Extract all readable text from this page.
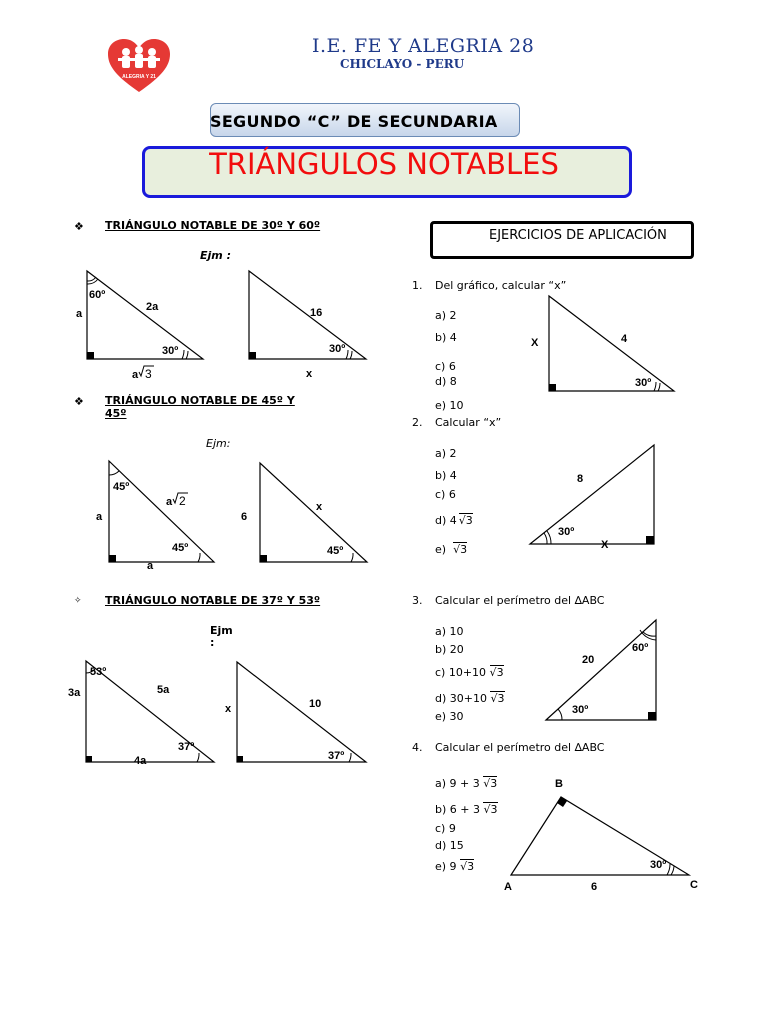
ALEGRIA Y 21
I.E. FE Y ALEGRIA 28
CHICLAYO - PERU
SEGUNDO “C” DE SECUNDARIA
TRIÁNGULOS NOTABLES
❖ TRIÁNGULO NOTABLE DE 30º Y 60º
Ejm :
60º
a
2a
30º
a 3
16
30º
x
❖ TRIÁNGULO NOTABLE DE 45º Y
45º
Ejm:
45º
a
a 2
45º
a
6
x
45º
✧ TRIÁNGULO NOTABLE DE 37º Y 53º
Ejm
:
53º
3a	5a
37º
4a
x	10
37º
EJERCICIOS DE APLICACIÓN
1. Del gráfico, calcular “x”
a) 2
b) 4
c) 6
d) 8
e) 10
X	4
30º
2. Calcular “x”
a) 2
b) 4
c) 6
d) 4 √3
e) √3
8
30º
X
3. Calcular el perímetro del ∆ABC
a) 10
b) 20
c) 10+10 √3
d) 30+10 √3
e) 30
20
60º
30º
4. Calcular el perímetro del ∆ABC
a) 9 + 3 √3
b) 6 + 3 √3
c) 9
d) 15
e) 9 √3
B
A	C
6
30º
